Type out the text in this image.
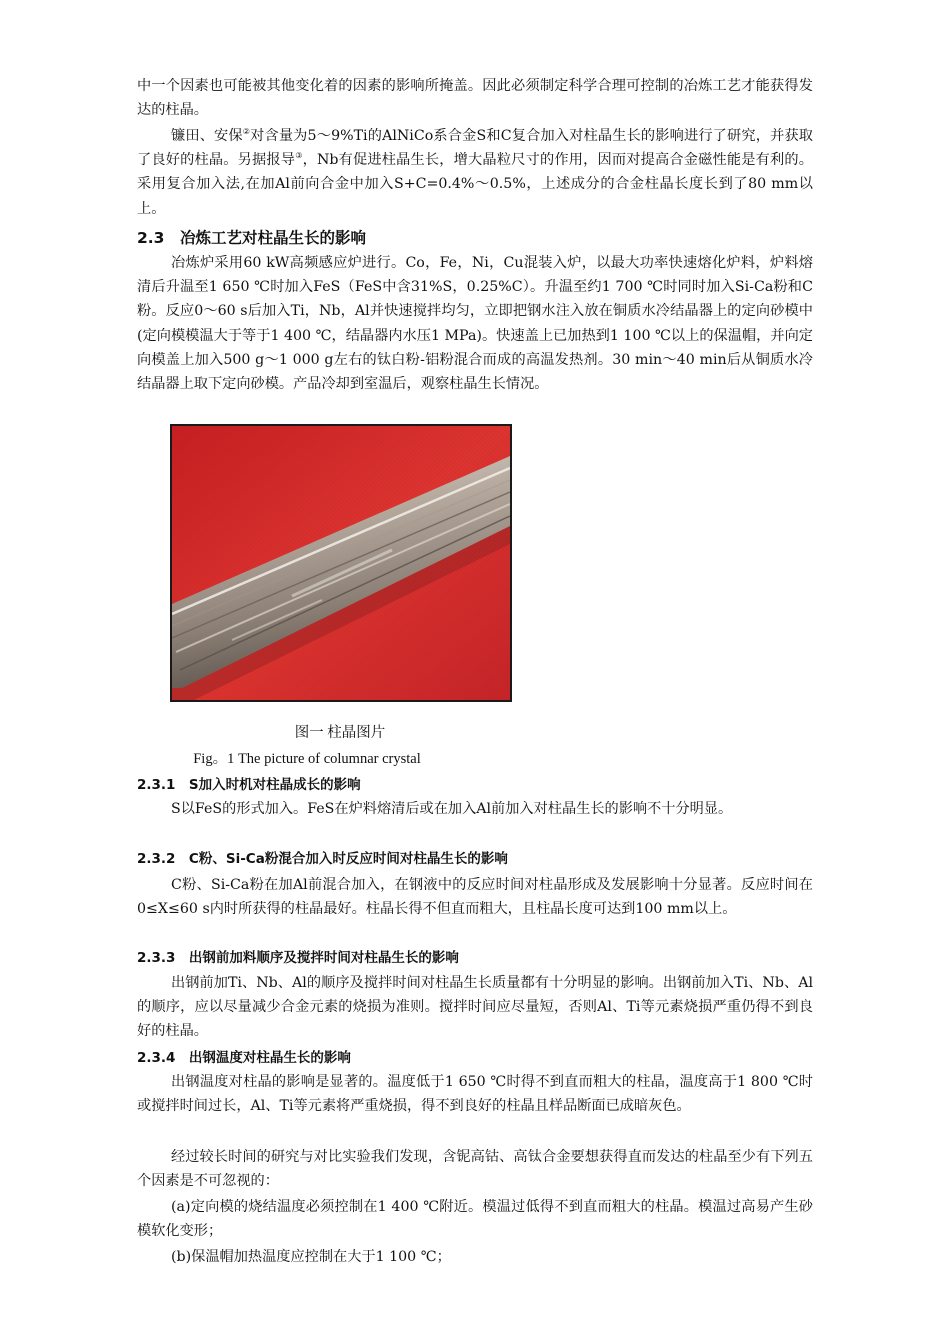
中一个因素也可能被其他变化着的因素的影响所掩盖。因此必须制定科学合理可控制的冶炼工艺才能获得发达的柱晶。

镰田、安保②对含量为5～9%Ti的AlNiCo系合金S和C复合加入对柱晶生长的影响进行了研究，并获取了良好的柱晶。另据报导③，Nb有促进柱晶生长，增大晶粒尺寸的作用，因而对提高合金磁性能是有利的。采用复合加入法,在加Al前向合金中加入S+C=0.4%～0.5%，上述成分的合金柱晶长度长到了80 mm以上。

2.3　冶炼工艺对柱晶生长的影响

冶炼炉采用60 kW高频感应炉进行。Co，Fe，Ni，Cu混装入炉，以最大功率快速熔化炉料，炉料熔清后升温至1 650 ℃时加入FeS（FeS中含31%S，0.25%C）。升温至约1 700 ℃时同时加入Si-Ca粉和C粉。反应0～60 s后加入Ti，Nb，Al并快速搅拌均匀，立即把钢水注入放在铜质水冷结晶器上的定向砂模中(定向模模温大于等于1 400 ℃，结晶器内水压1 MPa)。快速盖上已加热到1 100 ℃以上的保温帽，并向定向模盖上加入500 g～1 000 g左右的钛白粉-铝粉混合而成的高温发热剂。30 min～40 min后从铜质水冷结晶器上取下定向砂模。产品冷却到室温后，观察柱晶生长情况。

图一 柱晶图片

Fig。1 The picture of columnar crystal

2.3.1　S加入时机对柱晶成长的影响

S以FeS的形式加入。FeS在炉料熔清后或在加入Al前加入对柱晶生长的影响不十分明显。

2.3.2　C粉、Si-Ca粉混合加入时反应时间对柱晶生长的影响

C粉、Si-Ca粉在加Al前混合加入，在钢液中的反应时间对柱晶形成及发展影响十分显著。反应时间在0≤X≤60 s内时所获得的柱晶最好。柱晶长得不但直而粗大，且柱晶长度可达到100 mm以上。

2.3.3　出钢前加料顺序及搅拌时间对柱晶生长的影响

出钢前加Ti、Nb、Al的顺序及搅拌时间对柱晶生长质量都有十分明显的影响。出钢前加入Ti、Nb、Al的顺序，应以尽量减少合金元素的烧损为准则。搅拌时间应尽量短，否则Al、Ti等元素烧损严重仍得不到良好的柱晶。

2.3.4　出钢温度对柱晶生长的影响

出钢温度对柱晶的影响是显著的。温度低于1 650 ℃时得不到直而粗大的柱晶，温度高于1 800 ℃时或搅拌时间过长，Al、Ti等元素将严重烧损，得不到良好的柱晶且样品断面已成暗灰色。

经过较长时间的研究与对比实验我们发现，含铌高钴、高钛合金要想获得直而发达的柱晶至少有下列五个因素是不可忽视的：

(a)定向模的烧结温度必须控制在1 400 ℃附近。模温过低得不到直而粗大的柱晶。模温过高易产生砂模软化变形；

(b)保温帽加热温度应控制在大于1 100 ℃；
